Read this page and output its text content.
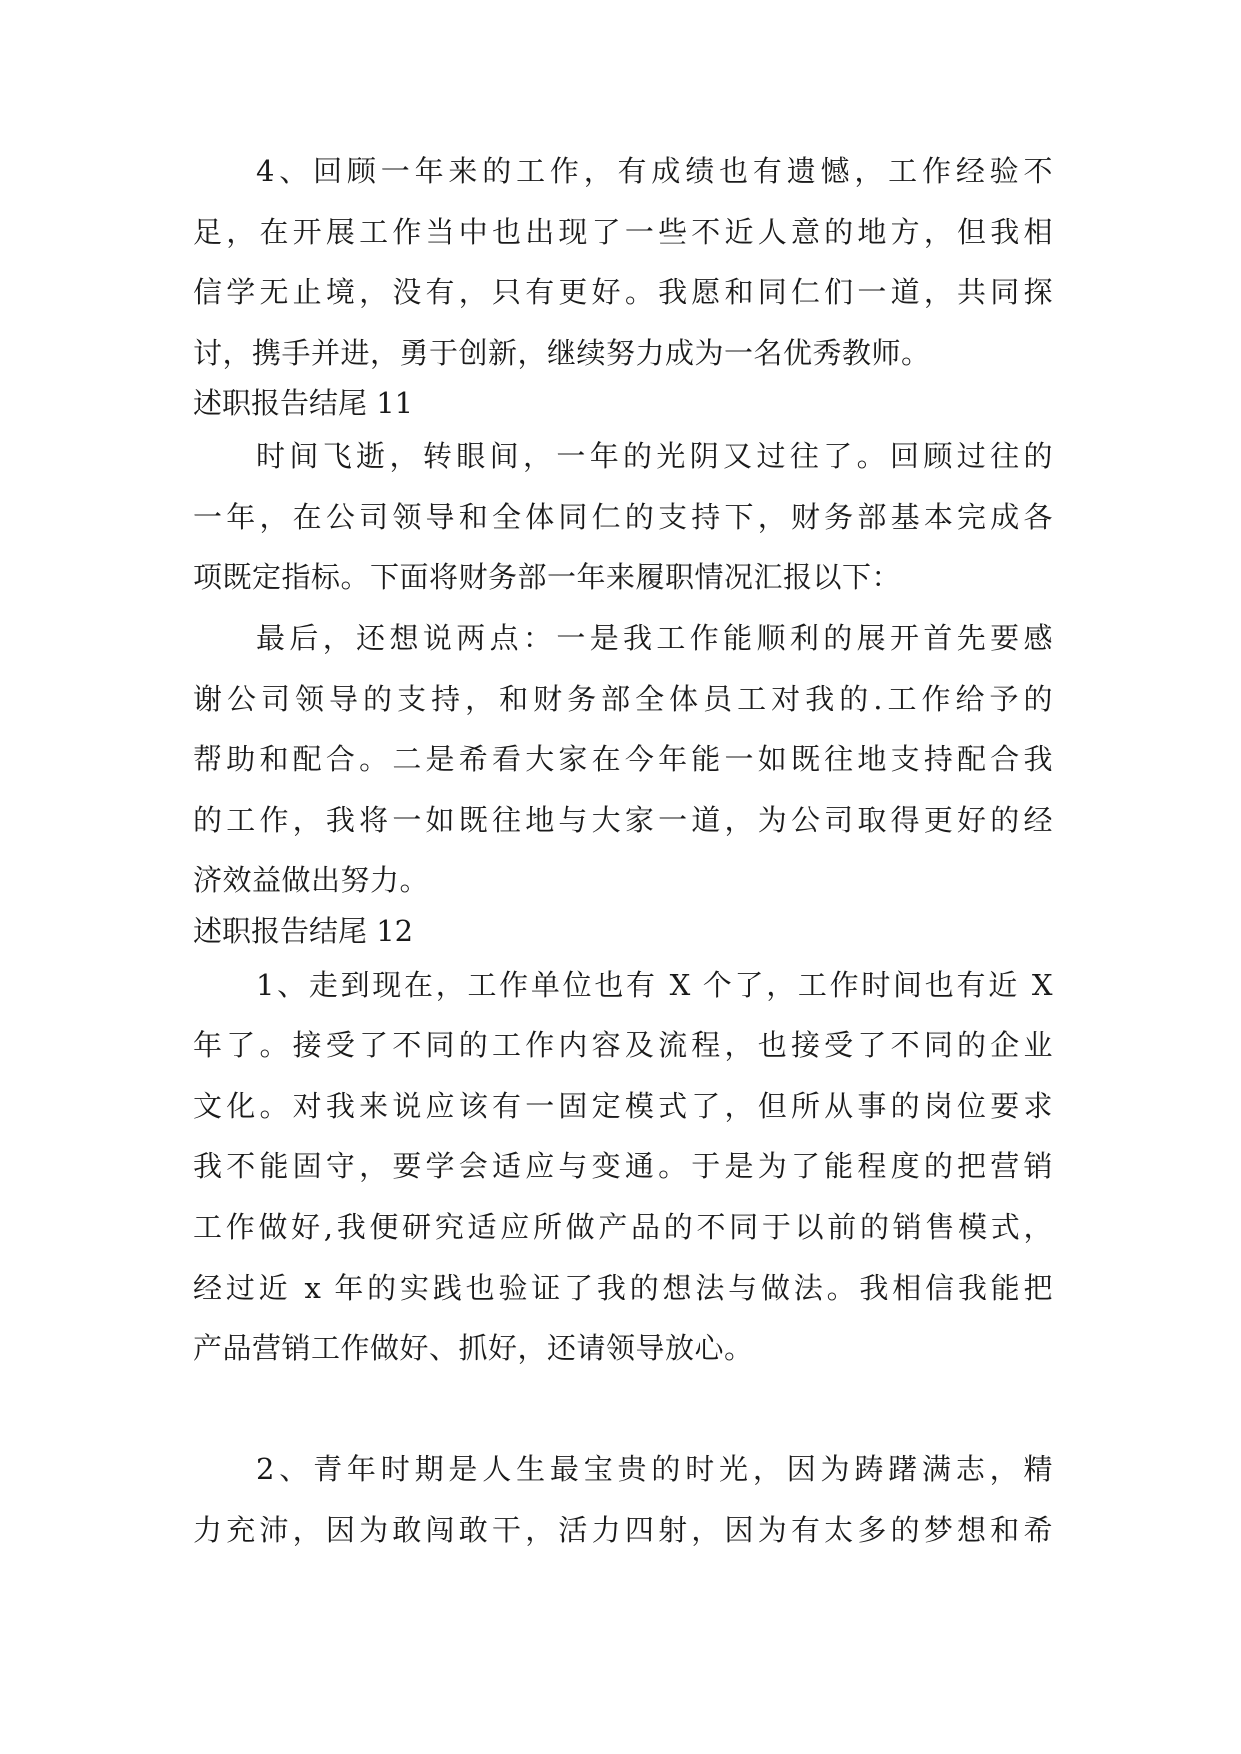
4、回顾一年来的工作，有成绩也有遗憾，工作经验不
足，在开展工作当中也出现了一些不近人意的地方，但我相
信学无止境，没有，只有更好。我愿和同仁们一道，共同探
讨，携手并进，勇于创新，继续努力成为一名优秀教师。
述职报告结尾 11
时间飞逝，转眼间，一年的光阴又过往了。回顾过往的
一年，在公司领导和全体同仁的支持下，财务部基本完成各
项既定指标。下面将财务部一年来履职情况汇报以下：
最后，还想说两点：一是我工作能顺利的展开首先要感
谢公司领导的支持，和财务部全体员工对我的.工作给予的
帮助和配合。二是希看大家在今年能一如既往地支持配合我
的工作，我将一如既往地与大家一道，为公司取得更好的经
济效益做出努力。
述职报告结尾 12
1、走到现在，工作单位也有 X 个了，工作时间也有近 X
年了。接受了不同的工作内容及流程，也接受了不同的企业
文化。对我来说应该有一固定模式了，但所从事的岗位要求
我不能固守，要学会适应与变通。于是为了能程度的把营销
工作做好,我便研究适应所做产品的不同于以前的销售模式，
经过近 x 年的实践也验证了我的想法与做法。我相信我能把
产品营销工作做好、抓好，还请领导放心。
2、青年时期是人生最宝贵的时光，因为踌躇满志，精
力充沛，因为敢闯敢干，活力四射，因为有太多的梦想和希
